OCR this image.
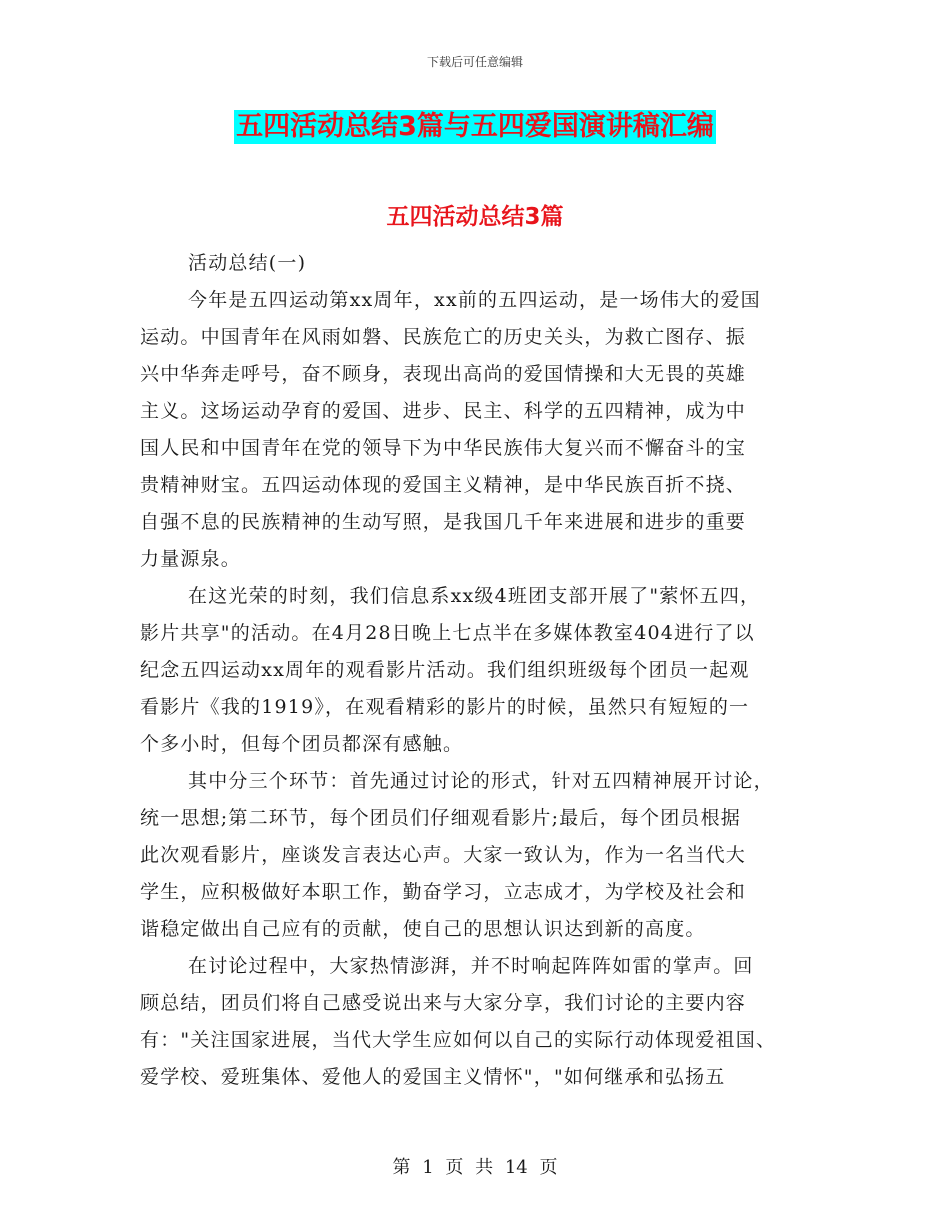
下载后可任意编辑
五四活动总结3篇与五四爱国演讲稿汇编
五四活动总结3篇
活动总结(一)
今年是五四运动第xx周年，xx前的五四运动，是一场伟大的爱国
运动。中国青年在风雨如磐、民族危亡的历史关头，为救亡图存、振
兴中华奔走呼号，奋不顾身，表现出高尚的爱国情操和大无畏的英雄
主义。这场运动孕育的爱国、进步、民主、科学的五四精神，成为中
国人民和中国青年在党的领导下为中华民族伟大复兴而不懈奋斗的宝
贵精神财宝。五四运动体现的爱国主义精神，是中华民族百折不挠、
自强不息的民族精神的生动写照，是我国几千年来进展和进步的重要
力量源泉。
在这光荣的时刻，我们信息系xx级4班团支部开展了"萦怀五四，
影片共享"的活动。在4月28日晚上七点半在多媒体教室404进行了以
纪念五四运动xx周年的观看影片活动。我们组织班级每个团员一起观
看影片《我的1919》，在观看精彩的影片的时候，虽然只有短短的一
个多小时，但每个团员都深有感触。
其中分三个环节：首先通过讨论的形式，针对五四精神展开讨论，
统一思想;第二环节，每个团员们仔细观看影片;最后，每个团员根据
此次观看影片，座谈发言表达心声。大家一致认为，作为一名当代大
学生，应积极做好本职工作，勤奋学习，立志成才，为学校及社会和
谐稳定做出自己应有的贡献，使自己的思想认识达到新的高度。
在讨论过程中，大家热情澎湃，并不时响起阵阵如雷的掌声。回
顾总结，团员们将自己感受说出来与大家分享，我们讨论的主要内容
有："关注国家进展，当代大学生应如何以自己的实际行动体现爱祖国、
爱学校、爱班集体、爱他人的爱国主义情怀"，"如何继承和弘扬五
第 1 页 共 14 页
